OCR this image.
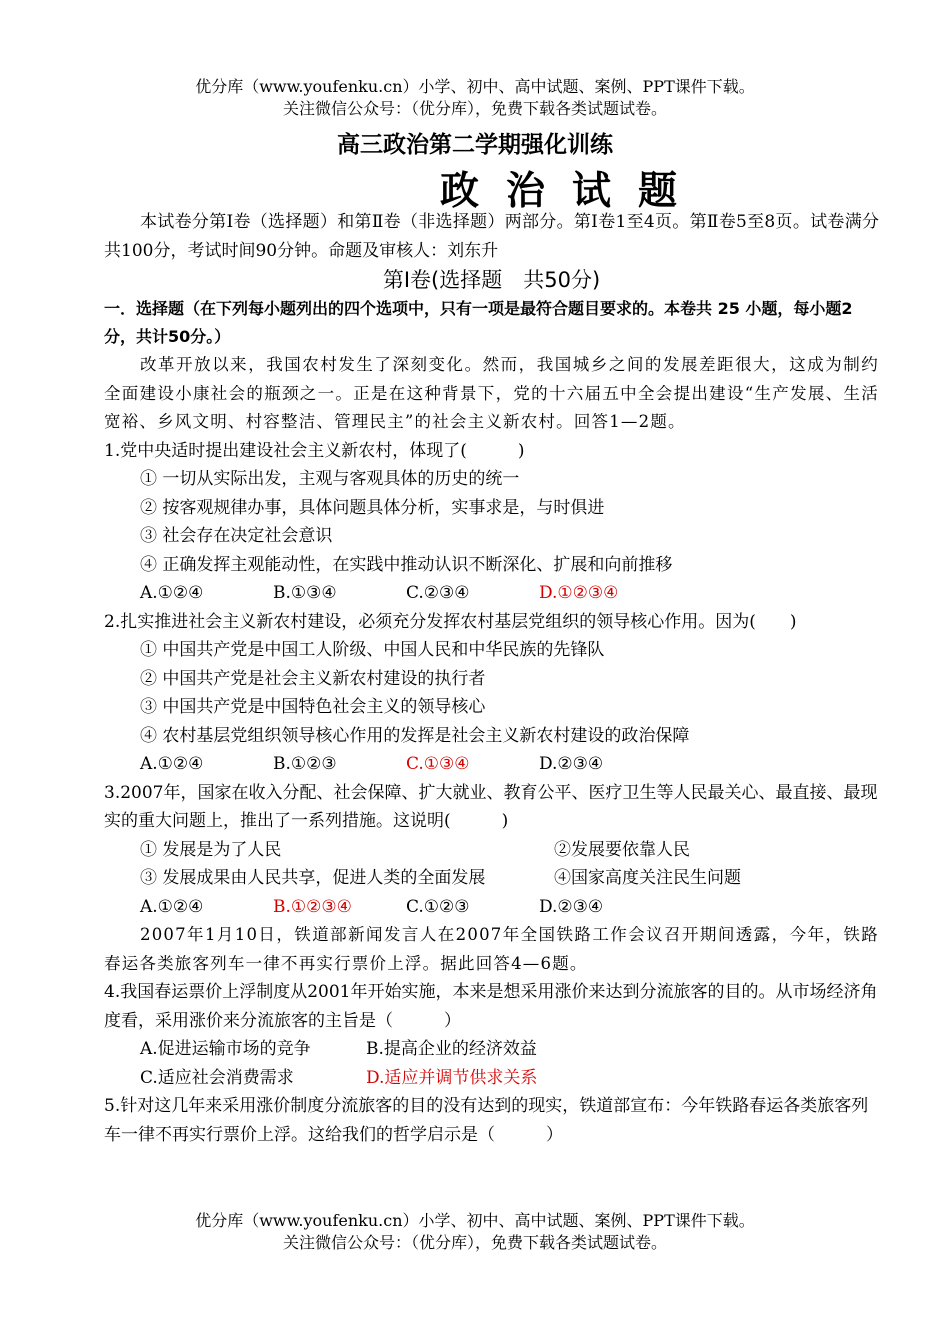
优分库（www.youfenku.cn）小学、初中、高中试题、案例、PPT课件下载。
关注微信公众号：（优分库），免费下载各类试题试卷。
高三政治第二学期强化训练
政治试题

本试卷分第Ⅰ卷（选择题）和第Ⅱ卷（非选择题）两部分。第Ⅰ卷1至4页。第Ⅱ卷5至8页。试卷满分共100分，考试时间90分钟。命题及审核人：刘东升

第Ⅰ卷(选择题　共50分)

一．选择题（在下列每小题列出的四个选项中，只有一项是最符合题目要求的。本卷共 25 小题，每小题2分，共计50分。）

改革开放以来，我国农村发生了深刻变化。然而，我国城乡之间的发展差距很大，这成为制约全面建设小康社会的瓶颈之一。正是在这种背景下，党的十六届五中全会提出建设“生产发展、生活宽裕、乡风文明、村容整洁、管理民主”的社会主义新农村。回答1—2题。

1.党中央适时提出建设社会主义新农村，体现了(　　　)

① 一切从实际出发，主观与客观具体的历史的统一

② 按客观规律办事，具体问题具体分析，实事求是，与时俱进

③ 社会存在决定社会意识

④ 正确发挥主观能动性，在实践中推动认识不断深化、扩展和向前推移

A.①②④	B.①③④	C.②③④	D.①②③④

2.扎实推进社会主义新农村建设，必须充分发挥农村基层党组织的领导核心作用。因为(　　)

① 中国共产党是中国工人阶级、中国人民和中华民族的先锋队

② 中国共产党是社会主义新农村建设的执行者

③ 中国共产党是中国特色社会主义的领导核心

④ 农村基层党组织领导核心作用的发挥是社会主义新农村建设的政治保障

A.①②④	B.①②③	C.①③④	D.②③④

3.2007年，国家在收入分配、社会保障、扩大就业、教育公平、医疗卫生等人民最关心、最直接、最现实的重大问题上，推出了一系列措施。这说明(　　　)

① 发展是为了人民	②发展要依靠人民

③ 发展成果由人民共享，促进人类的全面发展	④国家高度关注民生问题

A.①②④	B.①②③④	C.①②③	D.②③④

2007年1月10日，铁道部新闻发言人在2007年全国铁路工作会议召开期间透露，今年，铁路春运各类旅客列车一律不再实行票价上浮。据此回答4—6题。

4.我国春运票价上浮制度从2001年开始实施，本来是想采用涨价来达到分流旅客的目的。从市场经济角度看，采用涨价来分流旅客的主旨是（　　　）

A.促进运输市场的竞争	B.提高企业的经济效益

C.适应社会消费需求	D.适应并调节供求关系

5.针对这几年来采用涨价制度分流旅客的目的没有达到的现实，铁道部宣布：今年铁路春运各类旅客列车一律不再实行票价上浮。这给我们的哲学启示是（　　　）

优分库（www.youfenku.cn）小学、初中、高中试题、案例、PPT课件下载。
关注微信公众号：（优分库），免费下载各类试题试卷。
